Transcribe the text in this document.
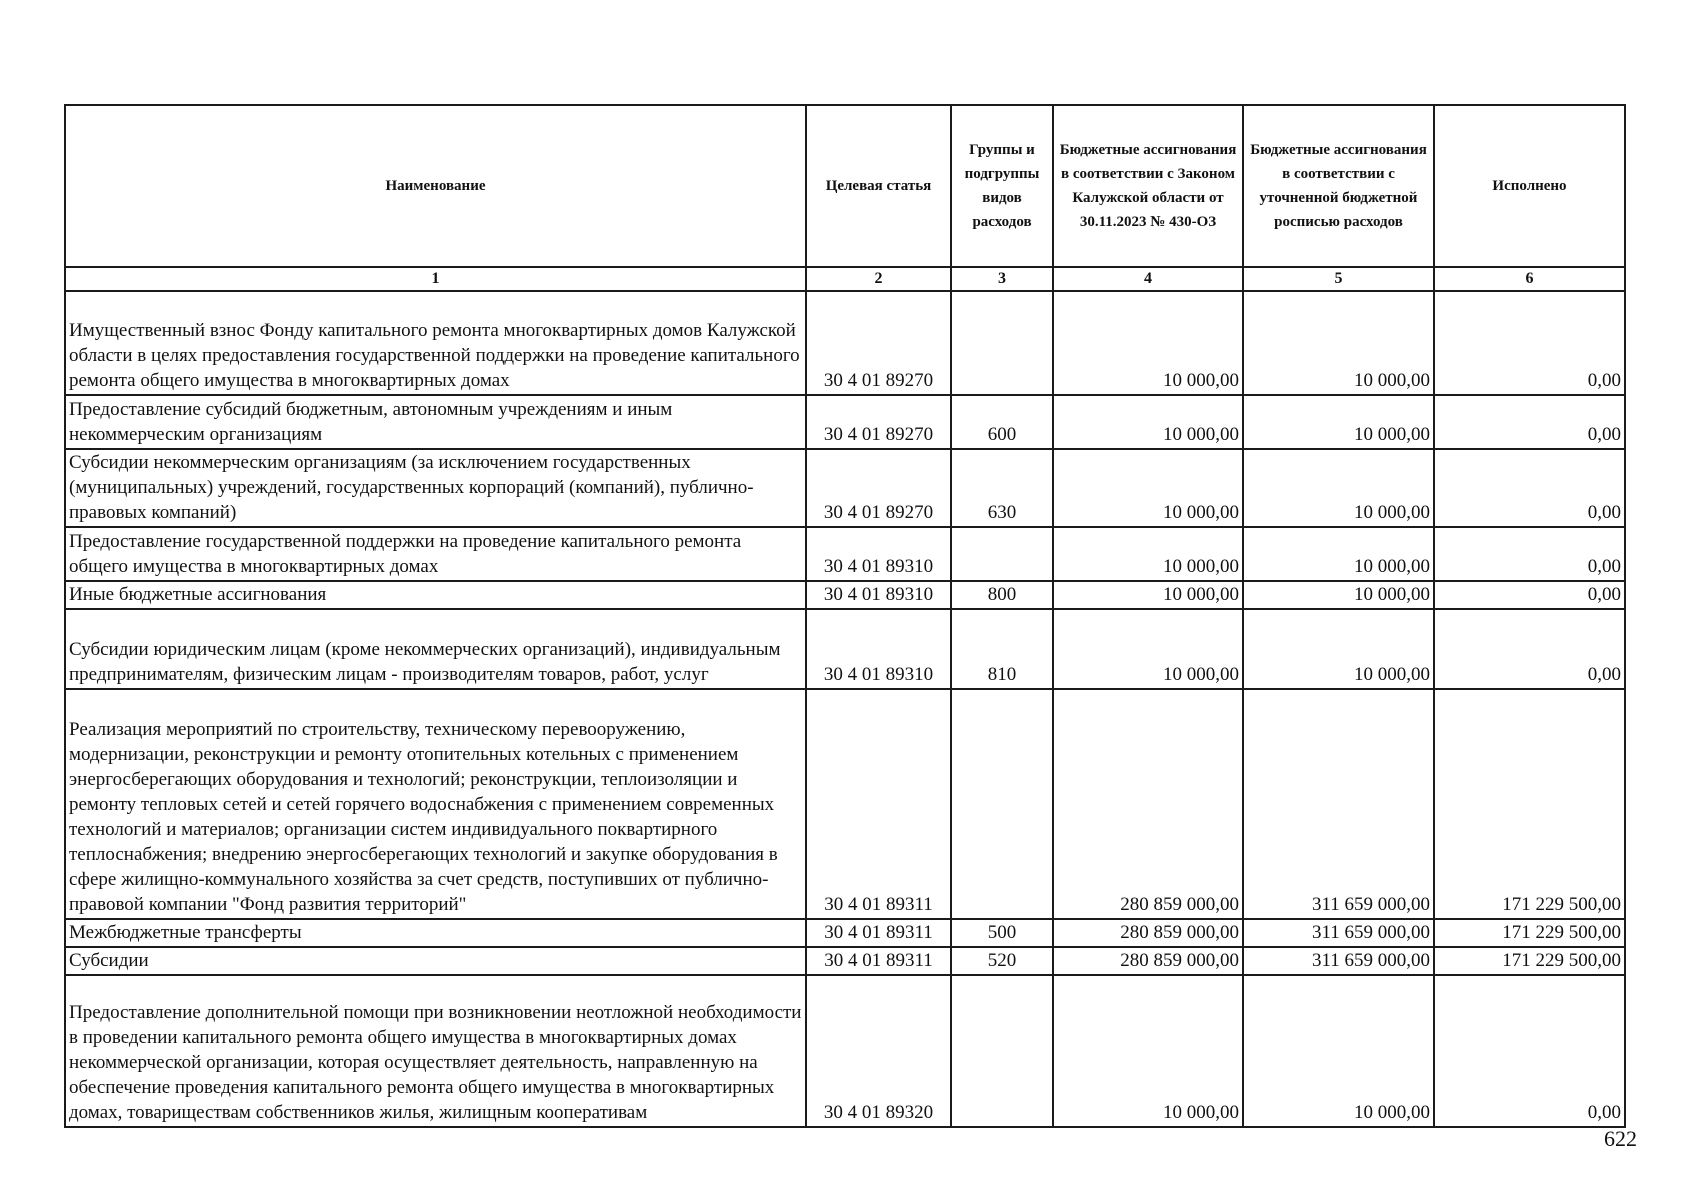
Наименование	Целевая статья	Группы и подгруппы видов расходов	Бюджетные ассигнования в соответствии с Законом Калужской области от 30.11.2023 № 430-ОЗ	Бюджетные ассигнования в соответствии с уточненной бюджетной росписью расходов	Исполнено
1	2	3	4	5	6
Имущественный взнос Фонду капитального ремонта многоквартирных домов Калужской области в целях предоставления государственной поддержки на проведение капитального ремонта общего имущества в многоквартирных домах	30 4 01 89270		10 000,00	10 000,00	0,00
Предоставление субсидий бюджетным, автономным учреждениям и иным некоммерческим организациям	30 4 01 89270	600	10 000,00	10 000,00	0,00
Субсидии некоммерческим организациям (за исключением государственных (муниципальных) учреждений, государственных корпораций (компаний), публично-правовых компаний)	30 4 01 89270	630	10 000,00	10 000,00	0,00
Предоставление государственной поддержки на проведение капитального ремонта общего имущества в многоквартирных домах	30 4 01 89310		10 000,00	10 000,00	0,00
Иные бюджетные ассигнования	30 4 01 89310	800	10 000,00	10 000,00	0,00
Субсидии юридическим лицам (кроме некоммерческих организаций), индивидуальным предпринимателям, физическим лицам - производителям товаров, работ, услуг	30 4 01 89310	810	10 000,00	10 000,00	0,00
Реализация мероприятий по строительству, техническому перевооружению, модернизации, реконструкции и ремонту отопительных котельных с применением энергосберегающих оборудования и технологий; реконструкции, теплоизоляции и ремонту тепловых сетей и сетей горячего водоснабжения с применением современных технологий и материалов; организации систем индивидуального поквартирного теплоснабжения; внедрению энергосберегающих технологий и закупке оборудования в сфере жилищно-коммунального хозяйства за счет средств, поступивших от публично-правовой компании "Фонд развития территорий"	30 4 01 89311		280 859 000,00	311 659 000,00	171 229 500,00
Межбюджетные трансферты	30 4 01 89311	500	280 859 000,00	311 659 000,00	171 229 500,00
Субсидии	30 4 01 89311	520	280 859 000,00	311 659 000,00	171 229 500,00
Предоставление дополнительной помощи при возникновении неотложной необходимости в проведении капитального ремонта общего имущества в многоквартирных домах некоммерческой организации, которая осуществляет деятельность, направленную на обеспечение проведения капитального ремонта общего имущества в многоквартирных домах, товариществам собственников жилья, жилищным кооперативам	30 4 01 89320		10 000,00	10 000,00	0,00
622
